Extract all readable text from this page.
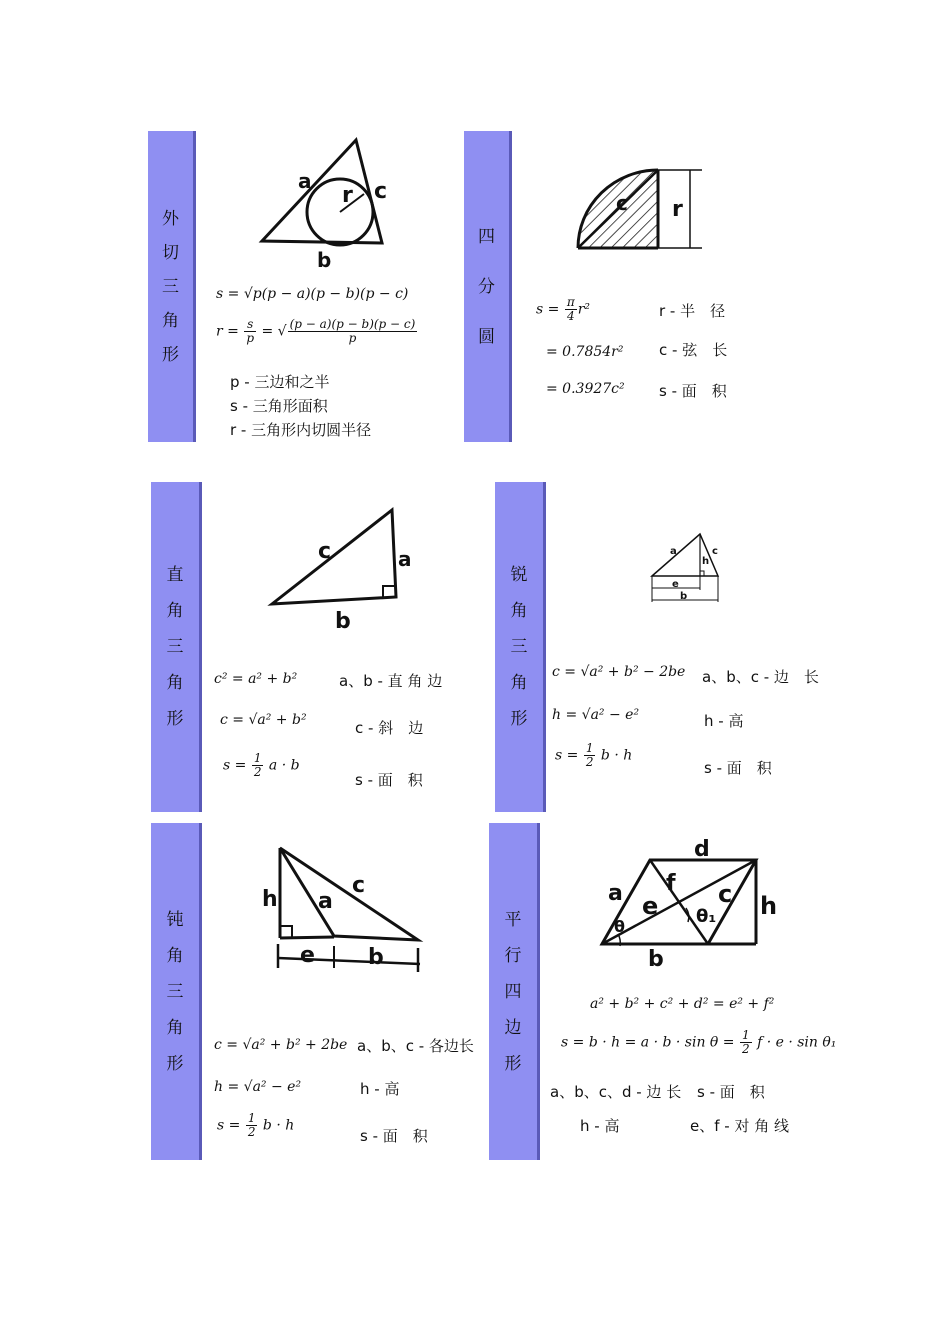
外
切
三
角
形
a
r c
b
s = √p(p − a)(p − b)(p − c)
$r = \frac{s}{p}$ = √ $\frac{(p - a)(p - b)(p - c)}{p}$
p - 三边和之半
s - 三角形面积
r - 三角形内切圆半径
四
分
圆
c r
$s = \frac{\pi}{4} r^2$
= 0.7854r²
= 0.3927c²
r - 半　径
c - 弦　长
s - 面　积
直
角
三
角
形
c	a
b
c² = a² + b²
c = √a² + b²
$s = \frac{1}{2}$ a · b
a、b - 直 角 边
c - 斜　边
s - 面　积
锐
角
三
角
形
a
h
c
e
b
c = √a² + b² − 2be
h = √a² − e²
$s = \frac{1}{2}$ b · h
a、b、c - 边　长
h - 高
s - 面　积
钝
角
三
角
形
h a
c
e b
c = √a² + b² + 2be
h = √a² − e²
$s = \frac{1}{2}$ b · h
a、b、c - 各边长
h - 高
s - 面　积
平
行
四
边
形
d
a f
e
θ	θ₁
c h
b
a² + b² + c² + d² = e² + f²
$s = b \cdot h = a \cdot b \cdot \sin \theta = \frac{1}{2}$ f · e · sin θ₁
a、b、c、d - 边 长 s - 面　积
h - 高	e、f - 对 角 线
